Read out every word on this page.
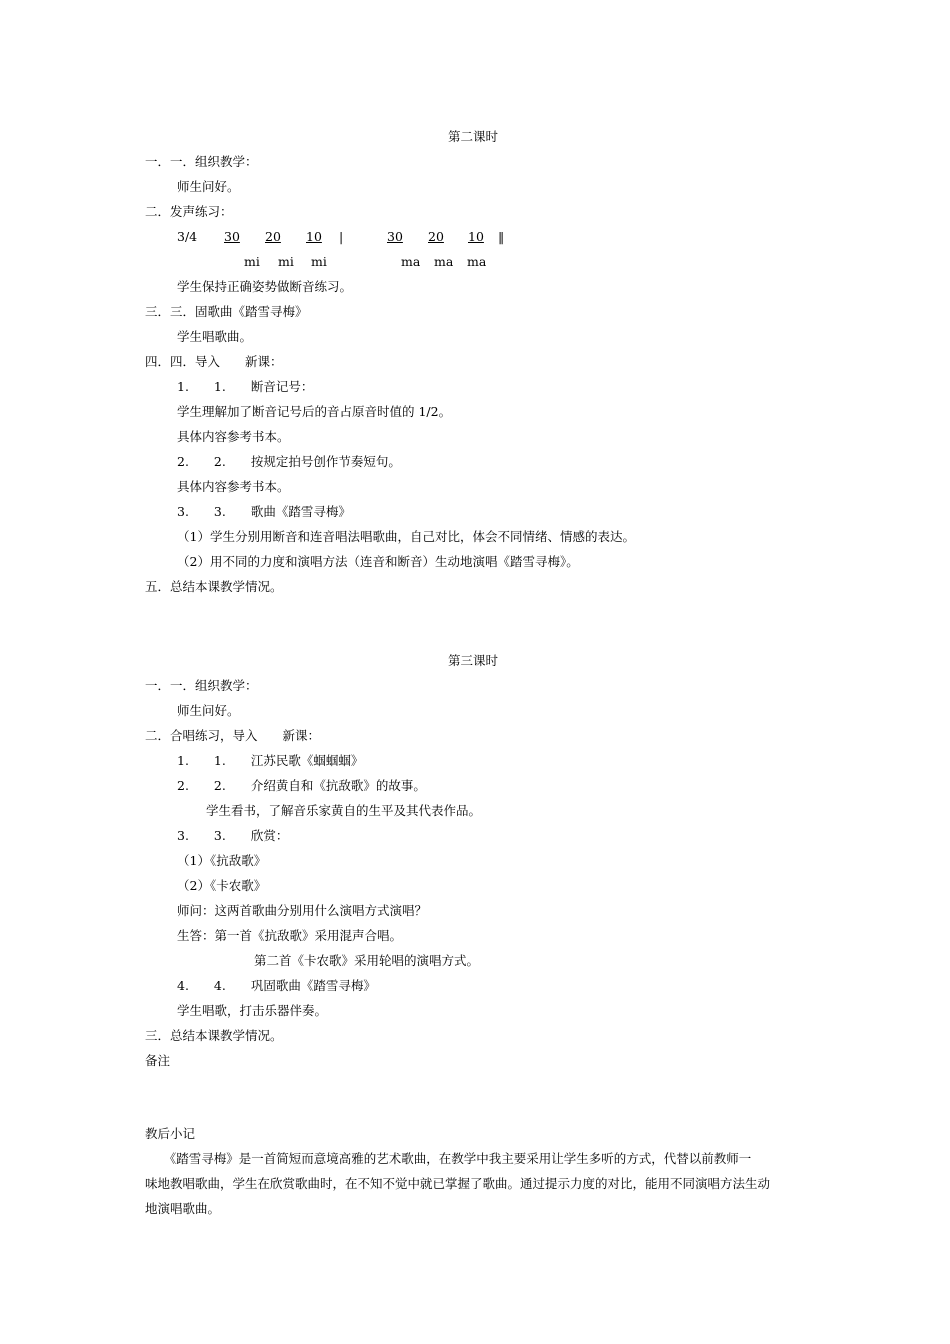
第二课时
一．一．组织教学：
师生问好。
二．发声练习：
3/4 30 20 10 |	30 20 10 ‖
mi mi mi	ma ma ma
学生保持正确姿势做断音练习。
三．三．固歌曲《踏雪寻梅》
学生唱歌曲。
四．四．导入　　新课：
1.　　1.　　断音记号：
学生理解加了断音记号后的音占原音时值的 1/2。
具体内容参考书本。
2.　　2.　　按规定拍号创作节奏短句。
具体内容参考书本。
3.　　3.　　歌曲《踏雪寻梅》
（1）学生分别用断音和连音唱法唱歌曲，自己对比，体会不同情绪、情感的表达。
（2）用不同的力度和演唱方法（连音和断音）生动地演唱《踏雪寻梅》。
五．总结本课教学情况。
第三课时
一．一．组织教学：
师生问好。
二．合唱练习，导入　　新课：
1.　　1.　　江苏民歌《蝈蝈蝈》
2.　　2.　　介绍黄自和《抗敌歌》的故事。
学生看书，了解音乐家黄自的生平及其代表作品。
3.　　3.　　欣赏：
（1）《抗敌歌》
（2）《卡农歌》
师问：这两首歌曲分别用什么演唱方式演唱？
生答：第一首《抗敌歌》采用混声合唱。
第二首《卡农歌》采用轮唱的演唱方式。
4.　　4.　　巩固歌曲《踏雪寻梅》
学生唱歌，打击乐器伴奏。
三．总结本课教学情况。
备注
教后小记
　　《踏雪寻梅》是一首简短而意境高雅的艺术歌曲，在教学中我主要采用让学生多听的方式，代替以前教师一
味地教唱歌曲，学生在欣赏歌曲时，在不知不觉中就已掌握了歌曲。通过提示力度的对比，能用不同演唱方法生动
地演唱歌曲。
